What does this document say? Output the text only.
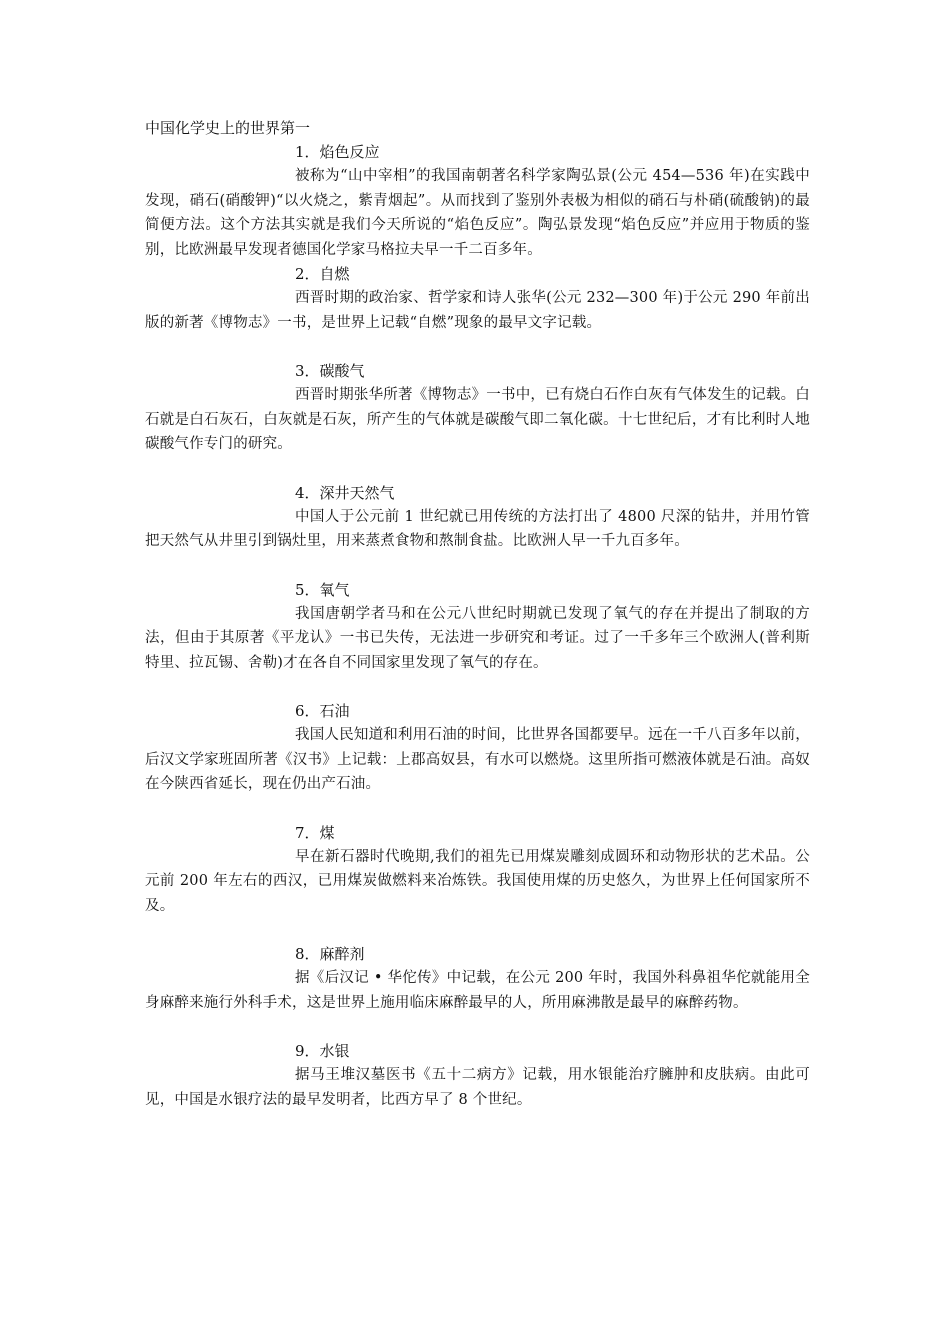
中国化学史上的世界第一
1．焰色反应

被称为“山中宰相”的我国南朝著名科学家陶弘景(公元 454—536 年)在实践中发现，硝石(硝酸钾)“以火烧之，紫青烟起”。从而找到了鉴别外表极为相似的硝石与朴硝(硫酸钠)的最简便方法。这个方法其实就是我们今天所说的“焰色反应”。陶弘景发现“焰色反应”并应用于物质的鉴别，比欧洲最早发现者德国化学家马格拉夫早一千二百多年。

2．自燃

西晋时期的政治家、哲学家和诗人张华(公元 232—300 年)于公元 290 年前出版的新著《博物志》一书，是世界上记载“自燃”现象的最早文字记载。

3．碳酸气

西晋时期张华所著《博物志》一书中，已有烧白石作白灰有气体发生的记载。白石就是白石灰石，白灰就是石灰，所产生的气体就是碳酸气即二氧化碳。十七世纪后，才有比利时人地碳酸气作专门的研究。

4．深井天然气

中国人于公元前 1 世纪就已用传统的方法打出了 4800 尺深的钻井，并用竹管把天然气从井里引到锅灶里，用来蒸煮食物和熬制食盐。比欧洲人早一千九百多年。

5．氧气

我国唐朝学者马和在公元八世纪时期就已发现了氧气的存在并提出了制取的方法，但由于其原著《平龙认》一书已失传，无法进一步研究和考证。过了一千多年三个欧洲人(普利斯特里、拉瓦锡、舍勒)才在各自不同国家里发现了氧气的存在。

6．石油

我国人民知道和利用石油的时间，比世界各国都要早。远在一千八百多年以前，后汉文学家班固所著《汉书》上记载：上郡高奴县，有水可以燃烧。这里所指可燃液体就是石油。高奴在今陕西省延长，现在仍出产石油。

7．煤

早在新石器时代晚期,我们的祖先已用煤炭雕刻成圆环和动物形状的艺术品。公元前 200 年左右的西汉，已用煤炭做燃料来冶炼铁。我国使用煤的历史悠久，为世界上任何国家所不及。

8．麻醉剂

据《后汉记 • 华佗传》中记载，在公元 200 年时，我国外科鼻祖华佗就能用全身麻醉来施行外科手术，这是世界上施用临床麻醉最早的人，所用麻沸散是最早的麻醉药物。

9．水银

据马王堆汉墓医书《五十二病方》记载，用水银能治疗臃肿和皮肤病。由此可见，中国是水银疗法的最早发明者，比西方早了 8 个世纪。
